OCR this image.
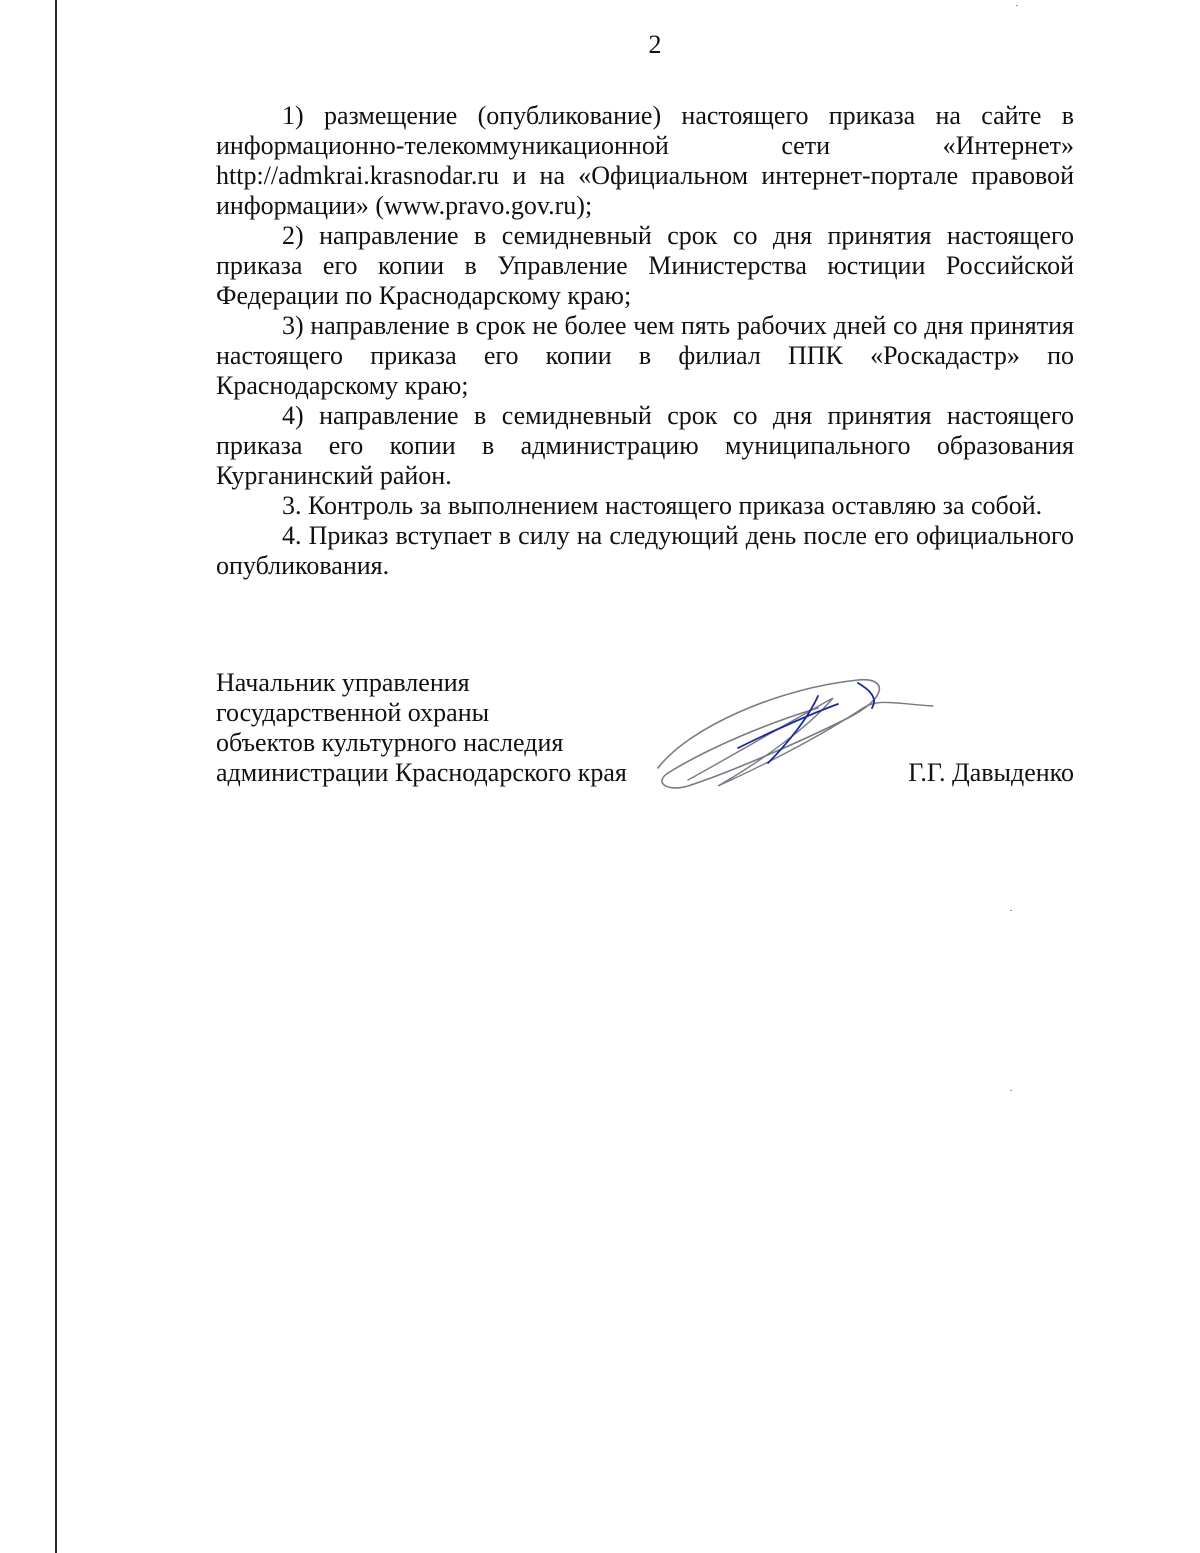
2

1) размещение (опубликование) настоящего приказа на сайте в информационно-телекоммуникационной сети «Интернет» http://admkrai.krasnodar.ru и на «Официальном интернет-портале правовой информации» (www.pravo.gov.ru);

2) направление в семидневный срок со дня принятия настоящего приказа его копии в Управление Министерства юстиции Российской Федерации по Краснодарскому краю;

3) направление в срок не более чем пять рабочих дней со дня принятия настоящего приказа его копии в филиал ППК «Роскадастр» по Краснодарскому краю;

4) направление в семидневный срок со дня принятия настоящего приказа его копии в администрацию муниципального образования Курганинский район.

3. Контроль за выполнением настоящего приказа оставляю за собой.

4. Приказ вступает в силу на следующий день после его официального опубликования.

Начальник управления
государственной охраны
объектов культурного наследия
администрации Краснодарского края	Г.Г. Давыденко
